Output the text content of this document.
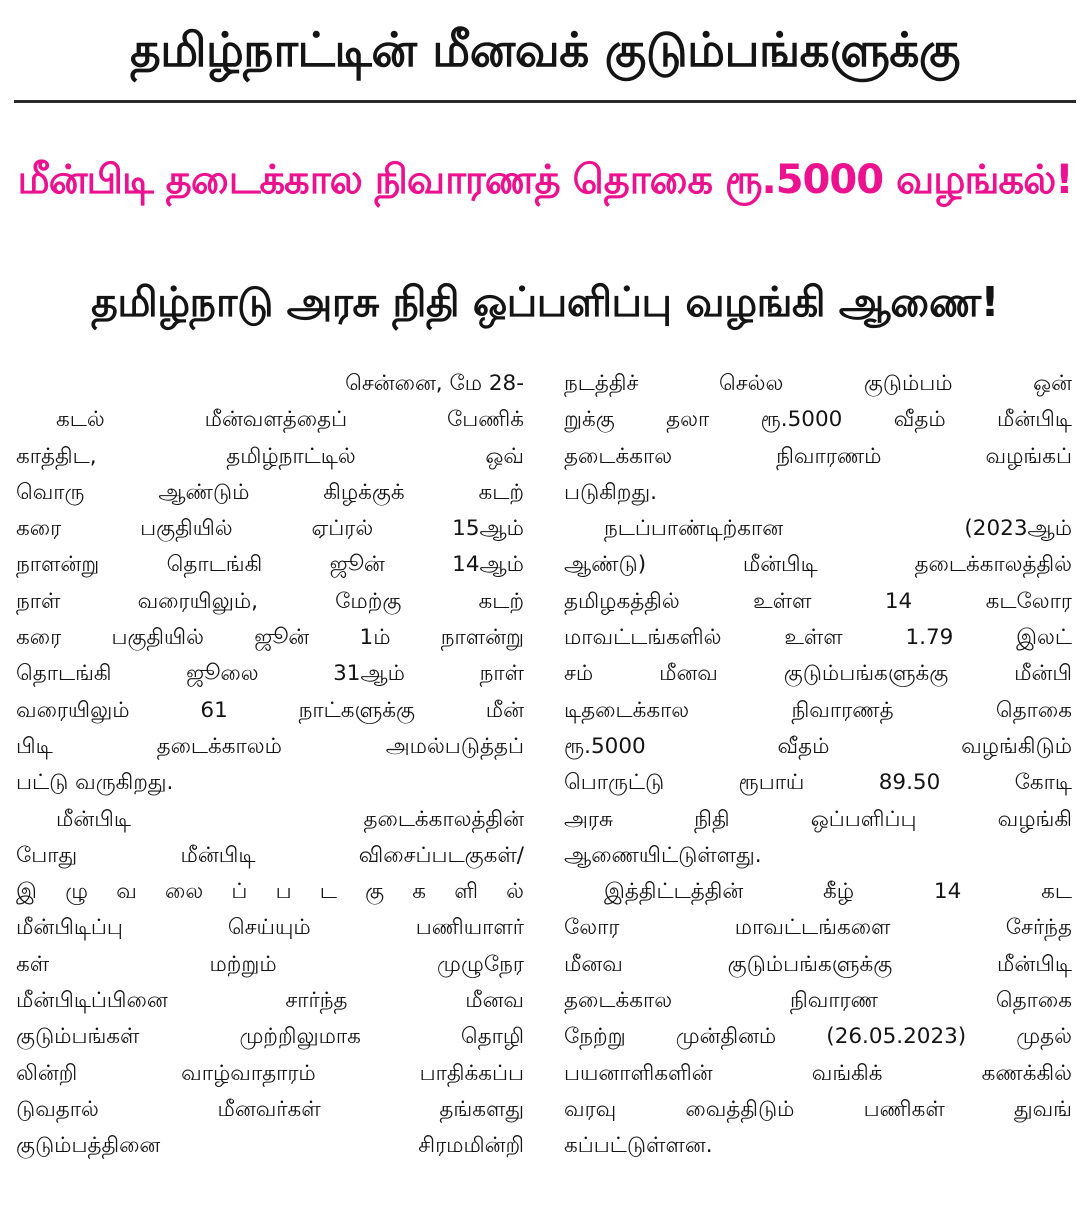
தமிழ்நாட்டின் மீனவக் குடும்பங்களுக்கு
மீன்பிடி தடைக்கால நிவாரணத் தொகை ரூ.5000 வழங்கல்!
தமிழ்நாடு அரசு நிதி ஒப்பளிப்பு வழங்கி ஆணை!
சென்னை, மே 28-
கடல் மீன்வளத்தைப் பேணிக்
காத்திட, தமிழ்நாட்டில் ஒவ்
வொரு ஆண்டும் கிழக்குக் கடற்
கரை பகுதியில் ஏப்ரல் 15ஆம்
நாளன்று தொடங்கி ஜூன் 14ஆம்
நாள் வரையிலும், மேற்கு கடற்
கரை பகுதியில் ஜூன் 1ம் நாளன்று
தொடங்கி ஜூலை 31ஆம் நாள்
வரையிலும் 61 நாட்களுக்கு மீன்
பிடி தடைக்காலம் அமல்படுத்தப்
பட்டு வருகிறது.
மீன்பிடி தடைக்காலத்தின்
போது மீன்பிடி விசைப்படகுகள்/
இ ழு வ லை ப் ப ட கு க ளி ல்
மீன்பிடிப்பு செய்யும் பணியாளர்
கள் மற்றும் முழுநேர
மீன்பிடிப்பினை சார்ந்த மீனவ
குடும்பங்கள் முற்றிலுமாக தொழி
லின்றி வாழ்வாதாரம் பாதிக்கப்ப
டுவதால் மீனவர்கள் தங்களது
குடும்பத்தினை சிரமமின்றி
நடத்திச் செல்ல குடும்பம் ஒன்
றுக்கு தலா ரூ.5000 வீதம் மீன்பிடி
தடைக்கால நிவாரணம் வழங்கப்
படுகிறது.
நடப்பாண்டிற்கான (2023ஆம்
ஆண்டு) மீன்பிடி தடைக்காலத்தில்
தமிழகத்தில் உள்ள 14 கடலோர
மாவட்டங்களில் உள்ள 1.79 இலட்
சம் மீனவ குடும்பங்களுக்கு மீன்பி
டிதடைக்கால நிவாரணத் தொகை
ரூ.5000 வீதம் வழங்கிடும்
பொருட்டு ரூபாய் 89.50 கோடி
அரசு நிதி ஒப்பளிப்பு வழங்கி
ஆணையிட்டுள்ளது.
இத்திட்டத்தின் கீழ் 14 கட
லோர மாவட்டங்களை சேர்ந்த
மீனவ குடும்பங்களுக்கு மீன்பிடி
தடைக்கால நிவாரண தொகை
நேற்று முன்தினம் (26.05.2023) முதல்
பயனாளிகளின் வங்கிக் கணக்கில்
வரவு வைத்திடும் பணிகள் துவங்
கப்பட்டுள்ளன.
